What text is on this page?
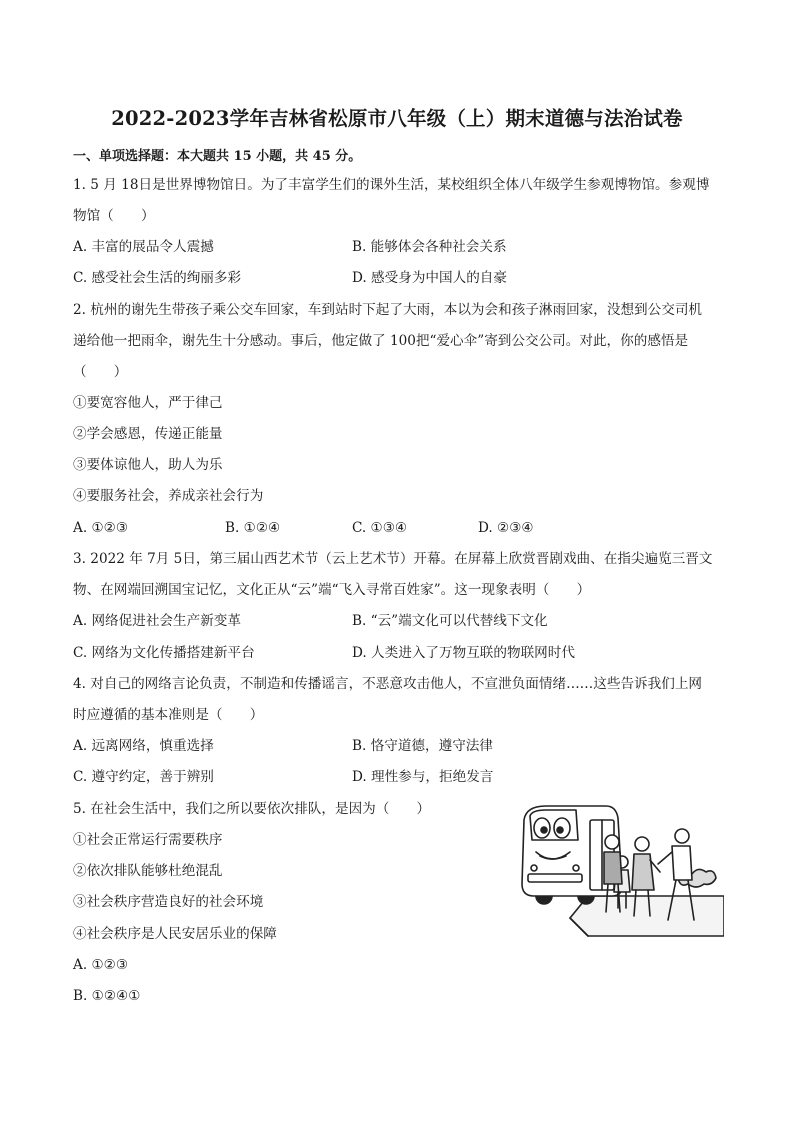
2022-2023学年吉林省松原市八年级（上）期末道德与法治试卷
一、单项选择题：本大题共 15 小题，共 45 分。
1. 5 月 18日是世界博物馆日。为了丰富学生们的课外生活，某校组织全体八年级学生参观博物馆。参观博
物馆（　　）
A. 丰富的展品令人震撼	B. 能够体会各种社会关系
C. 感受社会生活的绚丽多彩	D. 感受身为中国人的自豪
2. 杭州的谢先生带孩子乘公交车回家，车到站时下起了大雨，本以为会和孩子淋雨回家，没想到公交司机
递给他一把雨伞，谢先生十分感动。事后，他定做了 100把“爱心伞”寄到公交公司。对此，你的感悟是
（　　）
①要宽容他人，严于律己
②学会感恩，传递正能量
③要体谅他人，助人为乐
④要服务社会，养成亲社会行为
A. ①②③	B. ①②④	C. ①③④	D. ②③④
3. 2022 年 7月 5日，第三届山西艺术节（云上艺术节）开幕。在屏幕上欣赏晋剧戏曲、在指尖遍览三晋文
物、在网端回溯国宝记忆，文化正从“云”端“飞入寻常百姓家”。这一现象表明（　　）
A. 网络促进社会生产新变革	B. “云”端文化可以代替线下文化
C. 网络为文化传播搭建新平台	D. 人类进入了万物互联的物联网时代
4. 对自己的网络言论负责，不制造和传播谣言，不恶意攻击他人，不宣泄负面情绪……这些告诉我们上网
时应遵循的基本准则是（　　）
A. 远离网络，慎重选择	B. 恪守道德，遵守法律
C. 遵守约定，善于辨别	D. 理性参与，拒绝发言
5. 在社会生活中，我们之所以要依次排队，是因为（　　）
①社会正常运行需要秩序
②依次排队能够杜绝混乱
③社会秩序营造良好的社会环境
④社会秩序是人民安居乐业的保障
A. ①②③
B. ①②④①
